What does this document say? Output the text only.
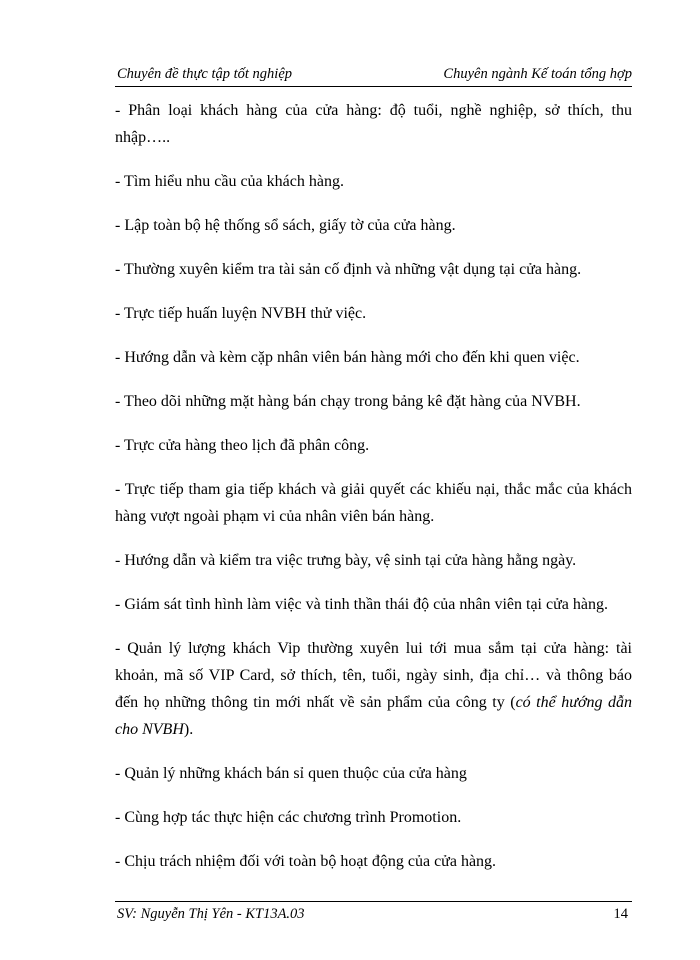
Chuyên đề thực tập tốt nghiệp	Chuyên ngành Kế toán tổng hợp

- Phân loại khách hàng của cửa hàng: độ tuổi, nghề nghiệp, sở thích, thu nhập…..

- Tìm hiểu nhu cầu của khách hàng.

- Lập toàn bộ hệ thống sổ sách, giấy tờ của cửa hàng.

- Thường xuyên kiểm tra tài sản cố định và những vật dụng tại cửa hàng.

- Trực tiếp huấn luyện NVBH thử việc.

- Hướng dẫn và kèm cặp nhân viên bán hàng mới cho đến khi quen việc.

- Theo dõi những mặt hàng bán chạy trong bảng kê đặt hàng của NVBH.

- Trực cửa hàng theo lịch đã phân công.

- Trực tiếp tham gia tiếp khách và giải quyết các khiếu nại, thắc mắc của khách hàng vượt ngoài phạm vi của nhân viên bán hàng.

- Hướng dẫn và kiểm tra việc trưng bày, vệ sinh tại cửa hàng hằng ngày.

- Giám sát tình hình làm việc và tinh thần thái độ của nhân viên tại cửa hàng.

- Quản lý lượng khách Vip thường xuyên lui tới mua sắm tại cửa hàng: tài khoản, mã số VIP Card, sở thích, tên, tuổi, ngày sinh, địa chỉ… và thông báo đến họ những thông tin mới nhất về sản phẩm của công ty (có thể hướng dẫn cho NVBH).

- Quản lý những khách bán sỉ quen thuộc của cửa hàng

- Cùng hợp tác thực hiện các chương trình Promotion.

- Chịu trách nhiệm đối với toàn bộ hoạt động của cửa hàng.

SV: Nguyễn Thị Yên - KT13A.03	14
